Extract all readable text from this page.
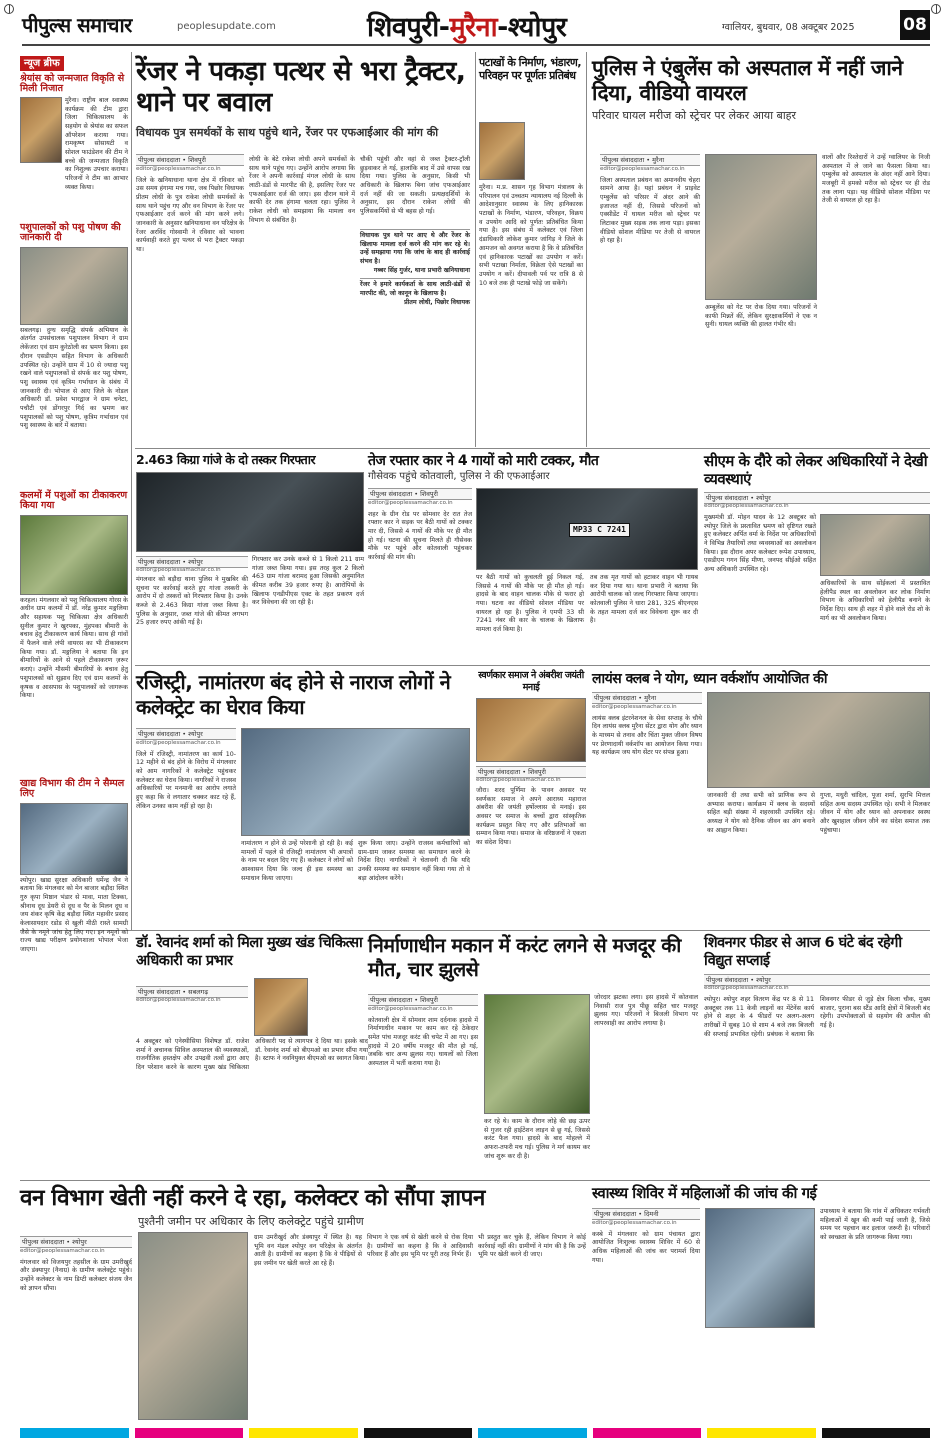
पीपुल्स समाचार	peoplesupdate.com	शिवपुरी-मुरैना-श्योपुर	ग्वालियर, बुधवार, 08 अक्टूबर 2025	08
न्यूज ब्रीफ
श्रेयांस को जन्मजात विकृति से मिली निजात
मुरैना। राष्ट्रीय बाल स्वास्थ्य कार्यक्रम की टीम द्वारा जिला चिकित्सालय के सहयोग से श्रेयांस का सफल ऑपरेशन कराया गया। रामकृष्ण सोसायटी व सोशल फाउंडेशन की टीम ने बच्चे की जन्मजात विकृति का निशुल्क उपचार कराया। परिजनों ने टीम का आभार व्यक्त किया।
पशुपालकों को पशु पोषण की जानकारी दी
सबलगढ़। दुग्ध समृद्धि संपर्क अभियान के अंतर्गत उपसंचालक पशुपालन विभाग ने ग्राम लेकेंजरा एवं ग्राम कुरेठोली का भ्रमण किया। इस दौरान एसडीएम सहित विभाग के अधिकारी उपस्थित रहे। उन्होंने ग्राम में 10 से ज्यादा पशु रखने वाले पशुपालकों से संपर्क कर पशु पोषण, पशु स्वास्थ्य एवं कृत्रिम गर्भाधान के संबंध में जानकारी दी। भोपाल से आए जिले के नोडल अधिकारी डॉ. प्रवेश भारद्वाज ने ग्राम चनेटा, पचौटी एवं डोंगरपुर गिर्द का भ्रमण कर पशुपालकों को पशु पोषण, कृत्रिम गर्भाधान एवं पशु स्वास्थ्य के बारे में बताया।
कलमों में पशुओं का टीकाकरण किया गया
करहल। मंगलवार को पशु चिकित्सालय गोरस के अधीन ग्राम कलमों में डॉ. नरेंद्र कुमार मङ्गलिया और सहायक पशु चिकित्सा क्षेत्र अधिकारी सुनील कुमार ने खुरपका, मुंहपका बीमारी के बचाव हेतु टीकाकरण कार्य किया। साथ ही गांवों में फैलने वाले लंपी वायरस का भी टीकाकरण किया गया। डॉ. मङ्गलिया ने बताया कि इन बीमारियों के आने से पहले टीकाकरण ज़रूर कराएं। उन्होंने मौसमी बीमारियों के बचाव हेतु पशुपालकों को सुझाव दिए एवं ग्राम कलमों के कृषक व आसपास के पशुपालकों को जागरूक किया।
खाद्य विभाग की टीम ने सैम्पल लिए
श्योपुर। खाद्य सुरक्षा अधिकारी धर्मेन्द्र जैन ने बताया कि मंगलवार को मेन बाजार बड़ौदा स्थित गुरु कृपा मिष्ठान भंडार से मावा, माता टिक्का, श्रीनाथ दूध डेयरी से दूध व पैर के मिलन दूध व जय शंकर कृषि केंद्र बड़ौदा स्थित महावीर प्रसाद केलासायदार रडोड से खुली मीठी रास्ते सामग्री जैसे के नमूने जांच हेतु लिए गए। इन नमूनों को राज्य खाद्य परीक्षण प्रयोगशाला भोपाल भेजा जाएगा।
रेंजर ने पकड़ा पत्थर से भरा ट्रैक्टर, थाने पर बवाल
विधायक पुत्र समर्थकों के साथ पहुंचे थाने, रेंजर पर एफआईआर की मांग की
पीपुल्स संवाददाता • शिवपुरी
editor@peoplessamachar.co.in
जिले के खनियाधाना थाना क्षेत्र में रविवार को उस समय हंगामा मच गया, जब पिछोर विधायक प्रीतम लोधी के पुत्र राकेश लोधी समर्थकों के साथ थाने पहुंच गए और वन विभाग के रेंजर पर एफआईआर दर्ज करने की मांग करने लगे। जानकारी के अनुसार खनियाधाना वन परिक्षेत्र के रेंजर अरविंद गोस्वामी ने रविवार को भावना कार्यवाही करते हुए पत्थर से भरा ट्रैक्टर पकड़ा था।
लोधी के बेटे राकेश लोधी अपने समर्थकों के साथ थाने पहुंच गए। उन्होंने आरोप लगाया कि रेंजर ने अपनी कार्रवाई मंगल लोधी के साथ लाठी-डंडों से मारपीट की है, इसलिए रेंजर पर एफआईआर दर्ज की जाए। इस दौरान थाने में काफी देर तक हंगामा चलता रहा। पुलिस ने राकेश लोधी को समझाया कि मामला वन विभाग से संबंधित है।
चौकी पहुंची और वहां से जब्त ट्रैक्टर-ट्रॉली छुड़वाकर ले गई, हालांकि बाद में उसे वापस रख दिया गया। पुलिस के अनुसार, किसी भी अधिकारी के खिलाफ बिना जांच एफआईआर दर्ज नहीं की जा सकती। प्रत्यक्षदर्शियों के अनुसार, इस दौरान राकेश लोधी की पुलिसकर्मियों से भी बहस हो गई।
विधायक पुत्र थाने पर आए थे और रेंजर के खिलाफ मामला दर्ज करने की मांग कर रहे थे। उन्हें समझाया गया कि जांच के बाद ही कार्रवाई संभव है।
गब्बर सिंह गुर्जर, थाना प्रभारी खनियाधाना
रेंजर ने हमारे कार्यकर्ता के साथ लाठी-डंडों से मारपीट की, जो कानून के खिलाफ है।
प्रीतम लोधी, पिछोर विधायक
पटाखों के निर्माण, भंडारण, परिवहन पर पूर्णतः प्रतिबंध
मुरैना। म.प्र. शासन गृह विभाग मंत्रालय के परिपालन एवं उच्चतम न्यायालय नई दिल्ली के आदेशानुसार स्वास्थ्य के लिए हानिकारक पटाखों के निर्माण, भंडारण, परिवहन, विक्रय व उपयोग आदि को पूर्णतः प्रतिबंधित किया गया है। इस संबंध में कलेक्टर एवं जिला दंडाधिकारी लोकेश कुमार जांगिड़ ने जिले के आमजन को अवगत कराया है कि वे प्रतिबंधित एवं हानिकारक पटाखों का उपयोग न करें। सभी पटाखा निर्माता, विक्रेता ऐसे पटाखों का उपयोग न करें। दीपावली पर्व पर रात्रि 8 से 10 बजे तक ही पटाखे फोड़े जा सकेंगे।
पुलिस ने एंबुलेंस को अस्पताल में नहीं जाने दिया, वीडियो वायरल
परिवार घायल मरीज को स्ट्रेचर पर लेकर आया बाहर
पीपुल्स संवाददाता • मुरैना
editor@peoplessamachar.co.in
जिला अस्पताल प्रबंधन का अमानवीय चेहरा सामने आया है। यहां प्रबंधन ने प्राइवेट एम्बुलेंस को परिसर में अंदर आने की इजाजत नहीं दी, जिससे परिजनों को एक्सीडेंट में घायल मरीज को स्ट्रेचर पर लिटाकर मुख्य सड़क तक लाना पड़ा। इसका वीडियो सोशल मीडिया पर तेजी से वायरल हो रहा है।
अम्बूलेंस को गेट पर रोक दिया गया। परिजनों ने काफी मिन्नतें कीं, लेकिन सुरक्षाकर्मियों ने एक न सुनी। घायल व्यक्ति की हालत गंभीर थी।
वालों और रिश्तेदारों ने उन्हें ग्वालियर के निजी अस्पताल में ले जाने का फैसला किया था। एम्बुलेंस को अस्पताल के अंदर नहीं आने दिया। मजबूरी में हमको मरीज को स्ट्रेचर पर ही रोड तक लाना पड़ा। यह वीडियो सोशल मीडिया पर तेजी से वायरल हो रहा है।
2.463 किग्रा गांजे के दो तस्कर गिरफ्तार
पीपुल्स संवाददाता • श्योपुर
editor@peoplessamachar.co.in
मंगलवार को बड़ौदा थाना पुलिस ने मुखबिर की सूचना पर कार्रवाई करते हुए गांजा तस्करी के आरोप में दो तस्करों को गिरफ्तार किया है। उनके कब्जे से 2.463 किग्रा गांजा जब्त किया है। पुलिस के अनुसार, जब्त गांजे की कीमत लगभग 25 हजार रुपए आंकी गई है।
गिरफ्तार कर उनके कब्जे से 1 किलो 211 ग्राम गांजा जब्त किया गया। इस तरह कुल 2 किलो 463 ग्राम गांजा बरामद हुआ जिसकी अनुमानित कीमत करीब 39 हजार रुपए है। आरोपियों के खिलाफ एनडीपीएस एक्ट के तहत प्रकरण दर्ज कर विवेचना की जा रही है।
तेज रफ्तार कार ने 4 गायों को मारी टक्कर, मौत
गौसेवक पहुंचे कोतवाली, पुलिस ने की एफआईआर
पीपुल्स संवाददाता • शिवपुरी
editor@peoplessamachar.co.in
शहर के ग्रीन रोड पर सोमवार देर रात तेज रफ्तार कार ने सड़क पर बैठी गायों को टक्कर मार दी, जिससे 4 गायों की मौके पर ही मौत हो गई। घटना की सूचना मिलते ही गौसेवक मौके पर पहुंचे और कोतवाली पहुंचकर कार्रवाई की मांग की।
MP33 C 7241
पर बैठी गायों को कुचलती हुई निकल गई, जिससे 4 गायों की मौके पर ही मौत हो गई। हादसे के बाद वाहन चालक मौके से फरार हो गया। घटना का वीडियो सोशल मीडिया पर वायरल हो रहा है। पुलिस ने एमपी 33 सी 7241 नंबर की कार के चालक के खिलाफ मामला दर्ज किया है।
तब तक मृत गायों को हटाकर वाहन भी गायब कर दिया गया था। थाना प्रभारी ने बताया कि आरोपी चालक को जल्द गिरफ्तार किया जाएगा। कोतवाली पुलिस ने धारा 281, 325 बीएनएस के तहत मामला दर्ज कर विवेचना शुरू कर दी है।
सीएम के दौरे को लेकर अधिकारियों ने देखी व्यवस्थाएं
पीपुल्स संवाददाता • श्योपुर
editor@peoplessamachar.co.in
मुख्यमंत्री डॉ. मोहन यादव के 12 अक्टूबर को श्योपुर जिले के प्रस्तावित भ्रमण को दृष्टिगत रखते हुए कलेक्टर अर्पित वर्मा के निर्देश पर अधिकारियों ने विभिन्न तैयारियों तथा व्यवस्थाओं का अवलोकन किया। इस दौरान अपर कलेक्टर रूपेश उपाध्याय, एसडीएम गगन सिंह मीणा, जनपद सीईओ सहित अन्य अधिकारी उपस्थित रहे।
अधिकारियों के साथ सोंईकलां में प्रस्तावित हेलीपैड स्थल का अवलोकन कर लोक निर्माण विभाग के अधिकारियों को हेलीपैड बनाने के निर्देश दिए। साथ ही शहर में होने वाले रोड शो के मार्ग का भी अवलोकन किया।
रजिस्ट्री, नामांतरण बंद होने से नाराज लोगों ने कलेक्ट्रेट का घेराव किया
पीपुल्स संवाददाता • श्योपुर
editor@peoplessamachar.co.in
जिले में रजिस्ट्री, नामांतरण का कार्य 10-12 महीने से बंद होने के विरोध में मंगलवार को आम नागरिकों ने कलेक्ट्रेट पहुंचकर कलेक्टर का घेराव किया। नागरिकों ने राजस्व अधिकारियों पर मनमानी का आरोप लगाते हुए कहा कि वे लगातार चक्कर काट रहे हैं, लेकिन उनका काम नहीं हो रहा है।
नामांतरण न होने से उन्हें परेशानी हो रही है। कई मामलों में पहले से रजिस्ट्री नामांतरण भी अपात्रों के नाम पर बदल दिए गए हैं। कलेक्टर ने लोगों को आश्वासन दिया कि जल्द ही इस समस्या का समाधान किया जाएगा।
शुरू किया जाए। उन्होंने राजस्व कर्मचारियों को ग्राम-ग्राम जाकर समस्या का समाधान करने के निर्देश दिए। नागरिकों ने चेतावनी दी कि यदि उनकी समस्या का समाधान नहीं किया गया तो वे बड़ा आंदोलन करेंगे।
स्वर्णकार समाज ने अंबरीश जयंती मनाई
पीपुल्स संवाददाता • शिवपुरी
editor@peoplessamachar.co.in
जौरा। शरद पूर्णिमा के पावन अवसर पर स्वर्णकार समाज ने अपने आराध्य महाराज अंबरीश की जयंती हर्षोल्लास से मनाई। इस अवसर पर समाज के बच्चों द्वारा सांस्कृतिक कार्यक्रम प्रस्तुत किए गए और प्रतिभाओं का सम्मान किया गया। समाज के वरिष्ठजनों ने एकता का संदेश दिया।
लायंस क्लब ने योग, ध्यान वर्कशॉप आयोजित की
पीपुल्स संवाददाता • मुरैना
editor@peoplessamachar.co.in
लायंस क्लब इंटरनेशनल के सेवा सप्ताह के चौथे दिन लायंस क्लब मुरैना सेंटर द्वारा योग और ध्यान के माध्यम से तनाव और चिंता मुक्त जीवन विषय पर प्रेरणादायी वर्कशॉप का आयोजन किया गया। यह कार्यक्रम जय योग सेंटर पर संपन्न हुआ।
जानकारी दी तथा सभी को प्राणिक रूप से अभ्यास कराया। कार्यक्रम में क्लब के सदस्यों सहित बड़ी संख्या में शहरवासी उपस्थित रहे। अध्यक्ष ने योग को दैनिक जीवन का अंग बनाने का आह्वान किया।
गुप्ता, मधुरी चांदिल, पूजा शर्मा, सुरभि मित्तल सहित अन्य सदस्य उपस्थित रहे। सभी ने मिलकर जीवन में योग और ध्यान को अपनाकर स्वस्थ और खुशहाल जीवन जीने का संदेश समाज तक पहुंचाया।
डॉ. रेवानंद शर्मा को मिला मुख्य खंड चिकित्सा अधिकारी का प्रभार
पीपुल्स संवाददाता • सबलगढ़
editor@peoplessamachar.co.in
4 अक्टूबर को एनेस्थीसिया विशेषज्ञ डॉ. राजेश शर्मा ने अचानक सिविल अस्पताल की व्यवस्थाओं, राजनीतिक हस्तक्षेप और उपद्रवी तत्वों द्वारा आए दिन परेशान करने के कारण मुख्य खंड चिकित्सा अधिकारी पद से त्यागपत्र दे दिया था। इसके बाद डॉ. रेवानंद शर्मा को बीएमओ का प्रभार सौंपा गया है। स्टाफ ने नवनियुक्त बीएमओ का स्वागत किया।
निर्माणाधीन मकान में करंट लगने से मजदूर की मौत, चार झुलसे
पीपुल्स संवाददाता • शिवपुरी
editor@peoplessamachar.co.in
कोतवाली क्षेत्र में सोमवार शाम दर्दनाक हादसे में निर्माणाधीन मकान पर काम कर रहे ठेकेदार समेत पांच मजदूर करंट की चपेट में आ गए। इस हादसे में 20 वर्षीय मजदूर की मौत हो गई, जबकि चार अन्य झुलस गए। घायलों को जिला अस्पताल में भर्ती कराया गया है।
कर रहे थे। काम के दौरान लोहे की छड़ ऊपर से गुजर रही हाईटेंशन लाइन से छू गई, जिससे करंट फैल गया। हादसे के बाद मोहल्ले में अफरा-तफरी मच गई। पुलिस ने मर्ग कायम कर जांच शुरू कर दी है।
जोरदार झटका लगा। इस हादसे में कोतवाल निवासी राज पुत्र पीछू सहित चार मजदूर झुलस गए। परिजनों ने बिजली विभाग पर लापरवाही का आरोप लगाया है।
शिवनगर फीडर से आज 6 घंटे बंद रहेगी विद्युत सप्लाई
पीपुल्स संवाददाता • श्योपुर
editor@peoplessamachar.co.in
श्योपुर। श्योपुर शहर वितरण केंद्र पर 8 से 11 अक्टूबर तक 11 केवी लाइनों का मेंटेनेंस कार्य होने से शहर के 4 फीडरों पर अलग-अलग तारीखों में सुबह 10 से शाम 4 बजे तक बिजली की सप्लाई प्रभावित रहेगी। प्रबंधक ने बताया कि शिवनगर फीडर से जुड़े क्षेत्र किला चौक, मुख्य बाजार, पुराना बस स्टैंड आदि क्षेत्रों में बिजली बंद रहेगी। उपभोक्ताओं से सहयोग की अपील की गई है।
वन विभाग खेती नहीं करने दे रहा, कलेक्टर को सौंपा ज्ञापन
पुश्तैनी जमीन पर अधिकार के लिए कलेक्ट्रेट पहुंचे ग्रामीण
पीपुल्स संवाददाता • श्योपुर
editor@peoplessamachar.co.in
मंगलवार को विजयपुर तहसील के ग्राम उमरीखुर्द और डंक्यापुर (नैनाग्र) के ग्रामीण कलेक्ट्रेट पहुंचे। उन्होंने कलेक्टर के नाम डिप्टी कलेक्टर संजय जैन को ज्ञापन सौंपा।
ग्राम उमरीखुर्द और डंक्यापुर में स्थित है। यह भूमि वन मंडल श्योपुर वन परिक्षेत्र के अंतर्गत आती है। ग्रामीणों का कहना है कि वे पीढ़ियों से इस जमीन पर खेती करते आ रहे हैं।
विभाग ने एक वर्ष से खेती करने से रोक दिया है। ग्रामीणों का कहना है कि वे आदिवासी परिवार हैं और इस भूमि पर पूरी तरह निर्भर हैं।
भी प्रस्तुत कर चुके हैं, लेकिन विभाग ने कोई कार्रवाई नहीं की। ग्रामीणों ने मांग की है कि उन्हें भूमि पर खेती करने दी जाए।
स्वास्थ्य शिविर में महिलाओं की जांच की गई
पीपुल्स संवाददाता • दिमनी
editor@peoplessamachar.co.in
कस्बे में मंगलवार को ग्राम पंचायत द्वारा आयोजित निःशुल्क स्वास्थ्य शिविर में 60 से अधिक महिलाओं की जांच कर परामर्श दिया गया।
उपाध्याय ने बताया कि गांव में अधिकतर गर्भवती महिलाओं में खून की कमी पाई जाती है, जिसे समय पर पहचान कर इलाज जरूरी है। परिवारों को स्वच्छता के प्रति जागरूक किया गया।
